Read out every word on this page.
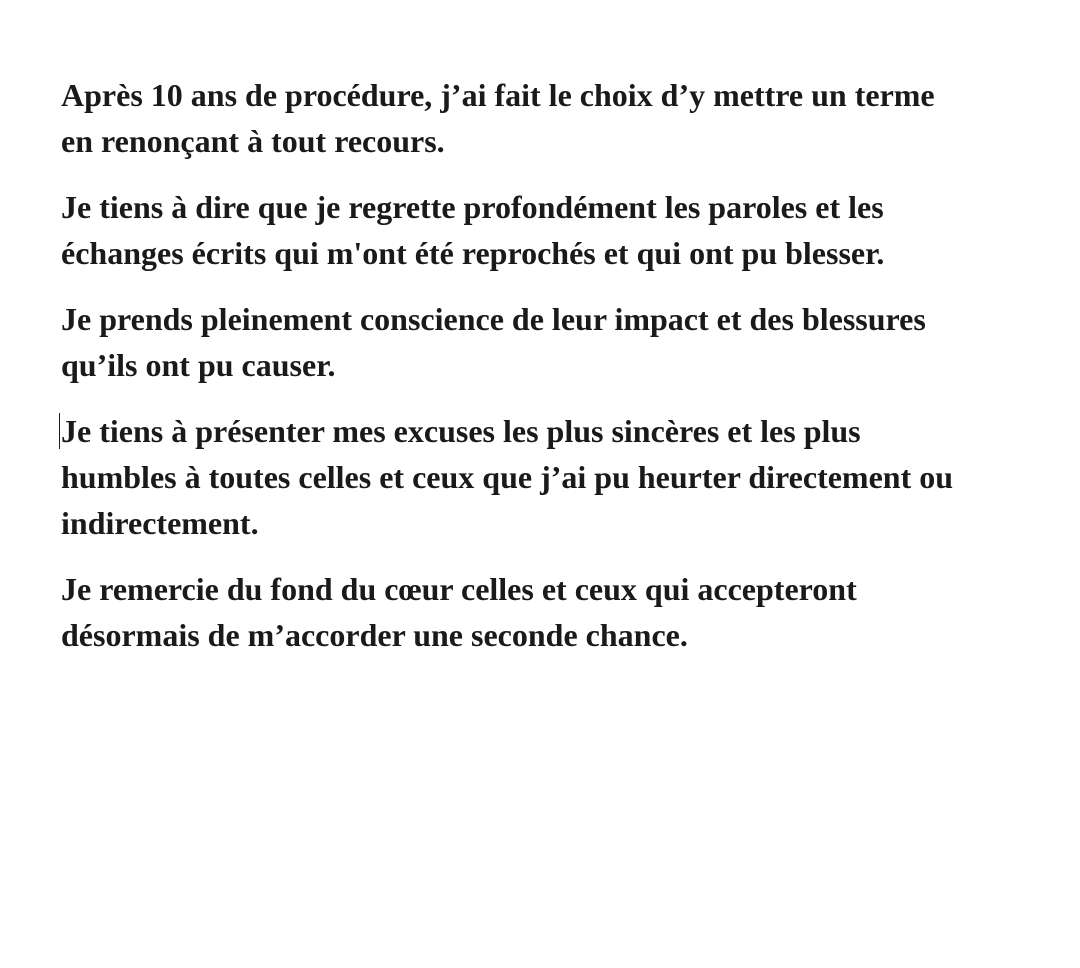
Après 10 ans de procédure, j’ai fait le choix d’y mettre un terme
en renonçant à tout recours.

Je tiens à dire que je regrette profondément les paroles et les
échanges écrits qui m'ont été reprochés et qui ont pu blesser.

Je prends pleinement conscience de leur impact et des blessures
qu’ils ont pu causer.

Je tiens à présenter mes excuses les plus sincères et les plus
humbles à toutes celles et ceux que j’ai pu heurter directement ou
indirectement.

Je remercie du fond du cœur celles et ceux qui accepteront
désormais de m’accorder une seconde chance.
